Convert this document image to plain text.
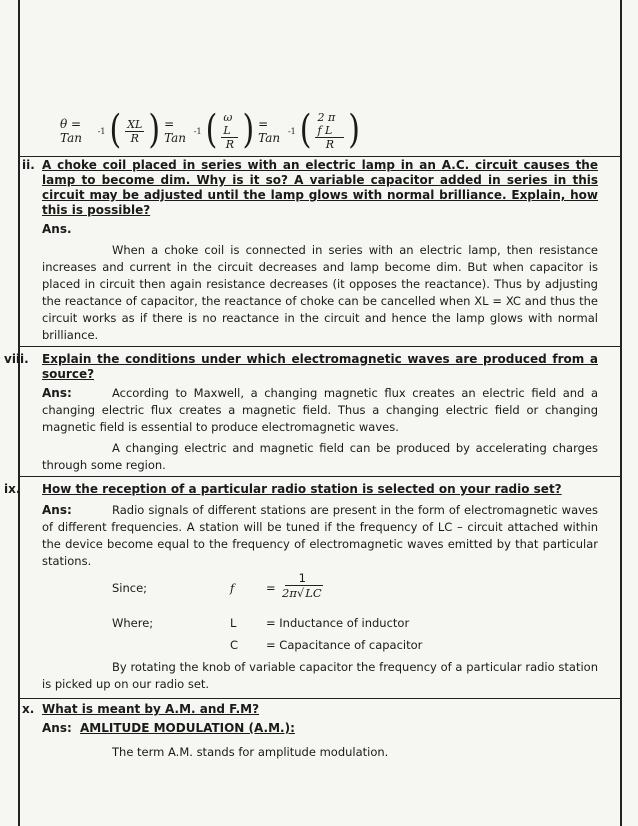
θ = Tan	-1 ( $\frac{XL}{R}$ ) = Tan -1 ( $\frac{\text{ω L}}{R}$ ) = Tan -1 ( $\frac{\text{2 π f L}}{R}$ )
ii. A choke coil placed in series with an electric lamp in an A.C. circuit causes the lamp to become dim. Why is it so? A variable capacitor added in series in this circuit may be adjusted until the lamp glows with normal brilliance. Explain, how this is possible?
Ans.

When a choke coil is connected in series with an electric lamp, then resistance increases and current in the circuit decreases and lamp become dim. But when capacitor is placed in circuit then again resistance decreases (it opposes the reactance). Thus by adjusting the reactance of capacitor, the reactance of choke can be cancelled when XL = XC and thus the circuit works as if there is no reactance in the circuit and hence the lamp glows with normal brilliance.

viii. Explain the conditions under which electromagnetic waves are produced from a source?
Ans:	According to Maxwell, a changing magnetic flux creates an electric field and a changing electric flux creates a magnetic field. Thus a changing electric field or changing magnetic field is essential to produce electromagnetic waves.

A changing electric and magnetic field can be produced by accelerating charges through some region.

ix. How the reception of a particular radio station is selected on your radio set?
Ans:	Radio signals of different stations are present in the form of electromagnetic waves of different frequencies. A station will be tuned if the frequency of LC – circuit attached within the device become equal to the frequency of electromagnetic waves emitted by that particular stations.

Since;	f	= $\frac{1}{2\pi√LC}$
Where;	L	= Inductance of inductor
C = Capacitance of capacitor

By rotating the knob of variable capacitor the frequency of a particular radio station is picked up on our radio set.

x. What is meant by A.M. and F.M?
Ans: AMLITUDE MODULATION (A.M.):

The term A.M. stands for amplitude modulation.
